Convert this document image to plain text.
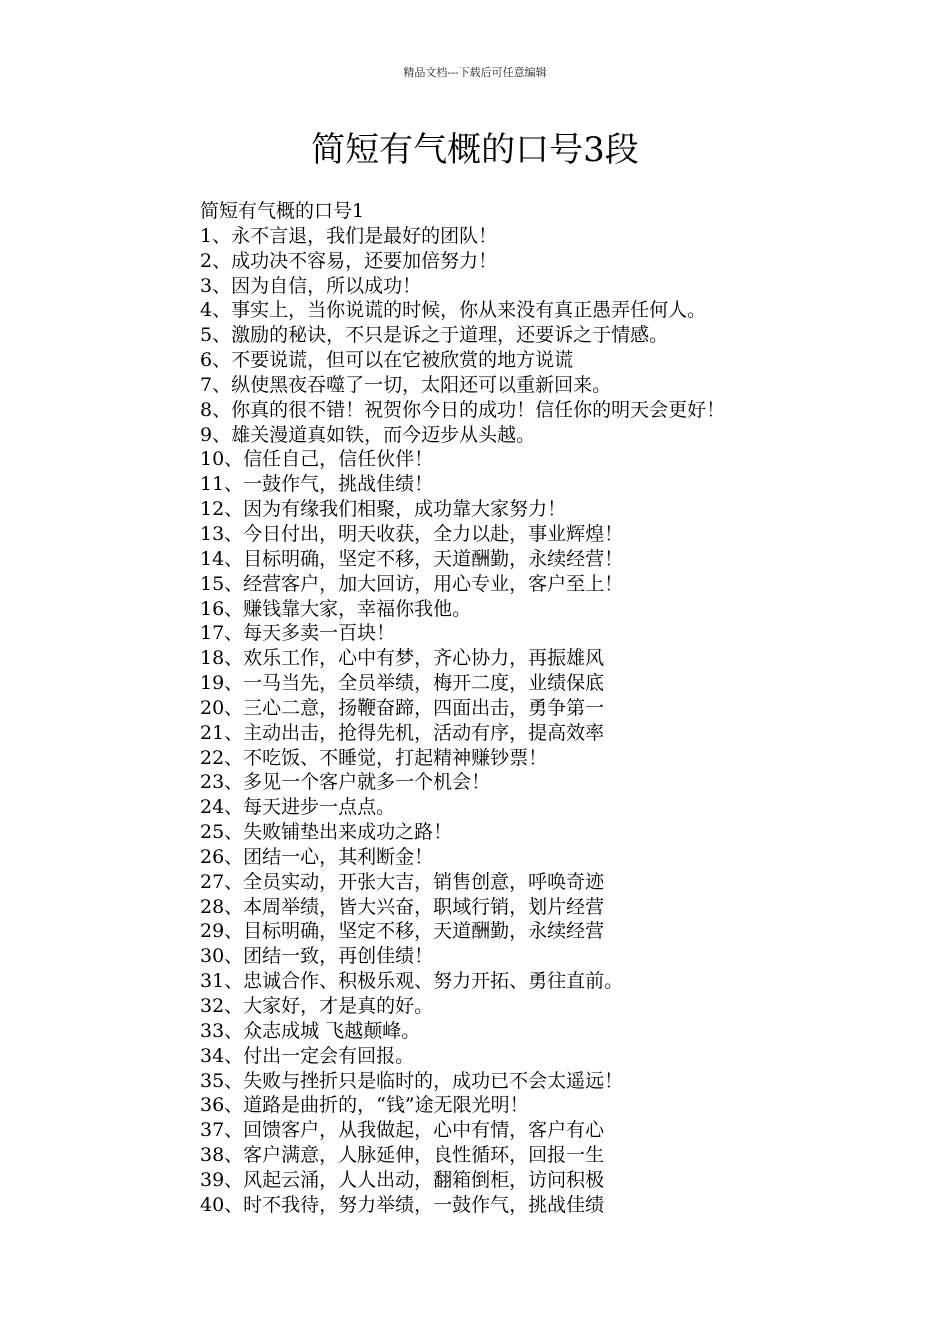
精品文档---下载后可任意编辑
简短有气概的口号3段
简短有气概的口号1
1、永不言退，我们是最好的团队！
2、成功决不容易，还要加倍努力！
3、因为自信，所以成功！
4、事实上，当你说谎的时候，你从来没有真正愚弄任何人。
5、激励的秘诀，不只是诉之于道理，还要诉之于情感。
6、不要说谎，但可以在它被欣赏的地方说谎
7、纵使黑夜吞噬了一切，太阳还可以重新回来。
8、你真的很不错！祝贺你今日的成功！信任你的明天会更好！
9、雄关漫道真如铁，而今迈步从头越。
10、信任自己，信任伙伴！
11、一鼓作气，挑战佳绩！
12、因为有缘我们相聚，成功靠大家努力！
13、今日付出，明天收获，全力以赴，事业辉煌！
14、目标明确，坚定不移，天道酬勤，永续经营！
15、经营客户，加大回访，用心专业，客户至上！
16、赚钱靠大家，幸福你我他。
17、每天多卖一百块！
18、欢乐工作，心中有梦，齐心协力，再振雄风
19、一马当先，全员举绩，梅开二度，业绩保底
20、三心二意，扬鞭奋蹄，四面出击，勇争第一
21、主动出击，抢得先机，活动有序，提高效率
22、不吃饭、不睡觉，打起精神赚钞票！
23、多见一个客户就多一个机会！
24、每天进步一点点。
25、失败铺垫出来成功之路！
26、团结一心，其利断金！
27、全员实动，开张大吉，销售创意，呼唤奇迹
28、本周举绩，皆大兴奋，职域行销，划片经营
29、目标明确，坚定不移，天道酬勤，永续经营
30、团结一致，再创佳绩！
31、忠诚合作、积极乐观、努力开拓、勇往直前。
32、大家好，才是真的好。
33、众志成城 飞越颠峰。
34、付出一定会有回报。
35、失败与挫折只是临时的，成功已不会太遥远！
36、道路是曲折的，“钱”途无限光明！
37、回馈客户，从我做起，心中有情，客户有心
38、客户满意，人脉延伸，良性循环，回报一生
39、风起云涌，人人出动，翻箱倒柜，访问积极
40、时不我待，努力举绩，一鼓作气，挑战佳绩
